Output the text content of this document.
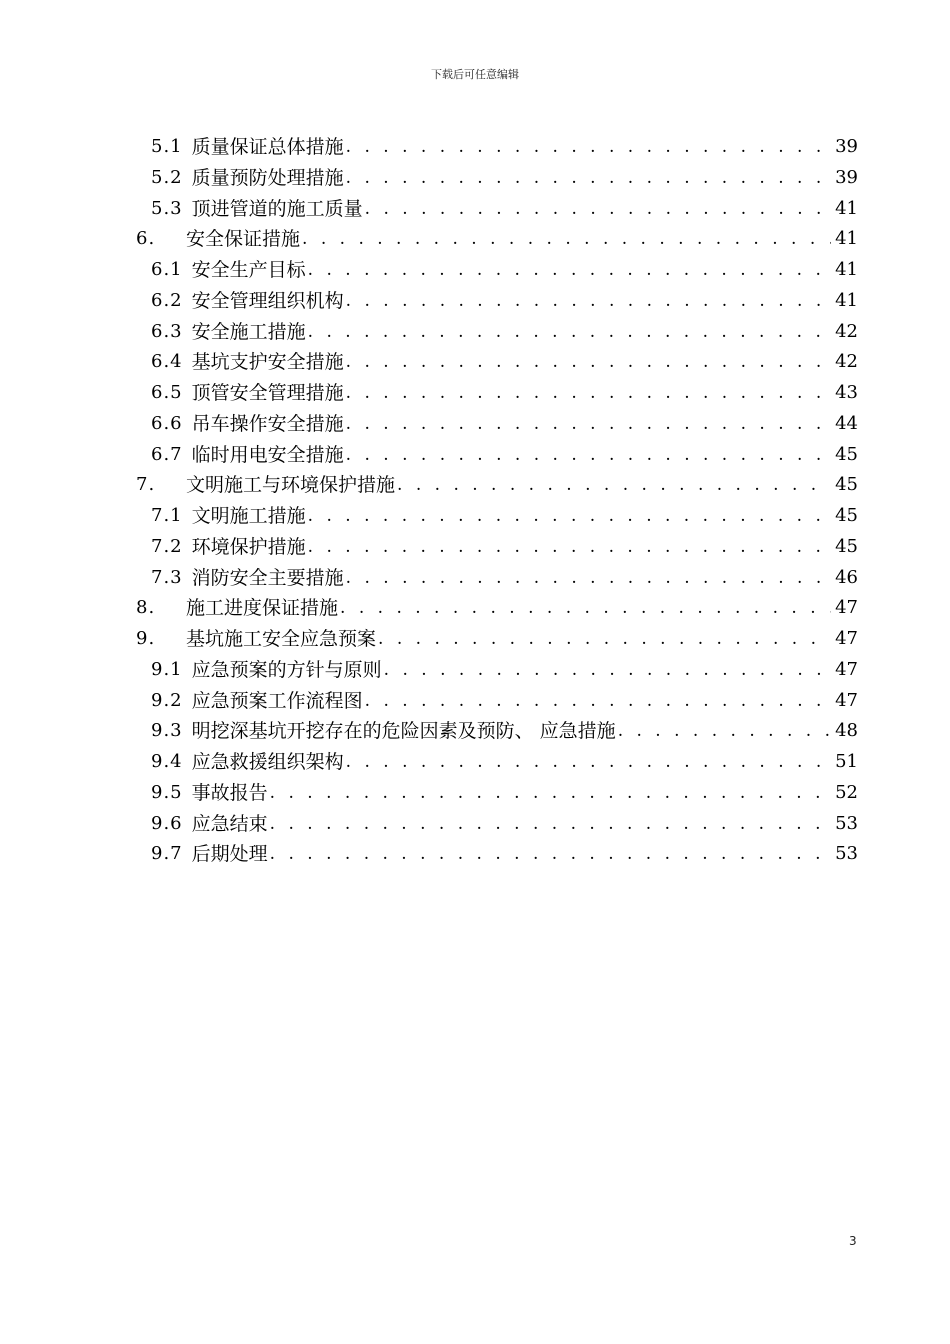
下载后可任意编辑
5.1 质量保证总体措施 . . .	39
5.2 质量预防处理措施 . . .	39
5.3 顶进管道的施工质量 . . .	41
6.	安全保证措施 . . .	41
6.1 安全生产目标 . . .	41
6.2 安全管理组织机构 . . .	41
6.3 安全施工措施 . . .	42
6.4 基坑支护安全措施 . . .	42
6.5 顶管安全管理措施 . . .	43
6.6 吊车操作安全措施 . . .	44
6.7 临时用电安全措施 . . .	45
7.	文明施工与环境保护措施 . . .	45
7.1 文明施工措施 . . .	45
7.2 环境保护措施 . . .	45
7.3 消防安全主要措施 . . .	46
8.	施工进度保证措施 . . .	47
9.	基坑施工安全应急预案 . . .	47
9.1 应急预案的方针与原则 . . .	47
9.2 应急预案工作流程图 . . .	47
9.3 明挖深基坑开挖存在的危险因素及预防、 应急措施 . . .	48
9.4 应急救援组织架构 . . .	51
9.5 事故报告 . . .	52
9.6 应急结束 . . .	53
9.7 后期处理 . . .	53
3
